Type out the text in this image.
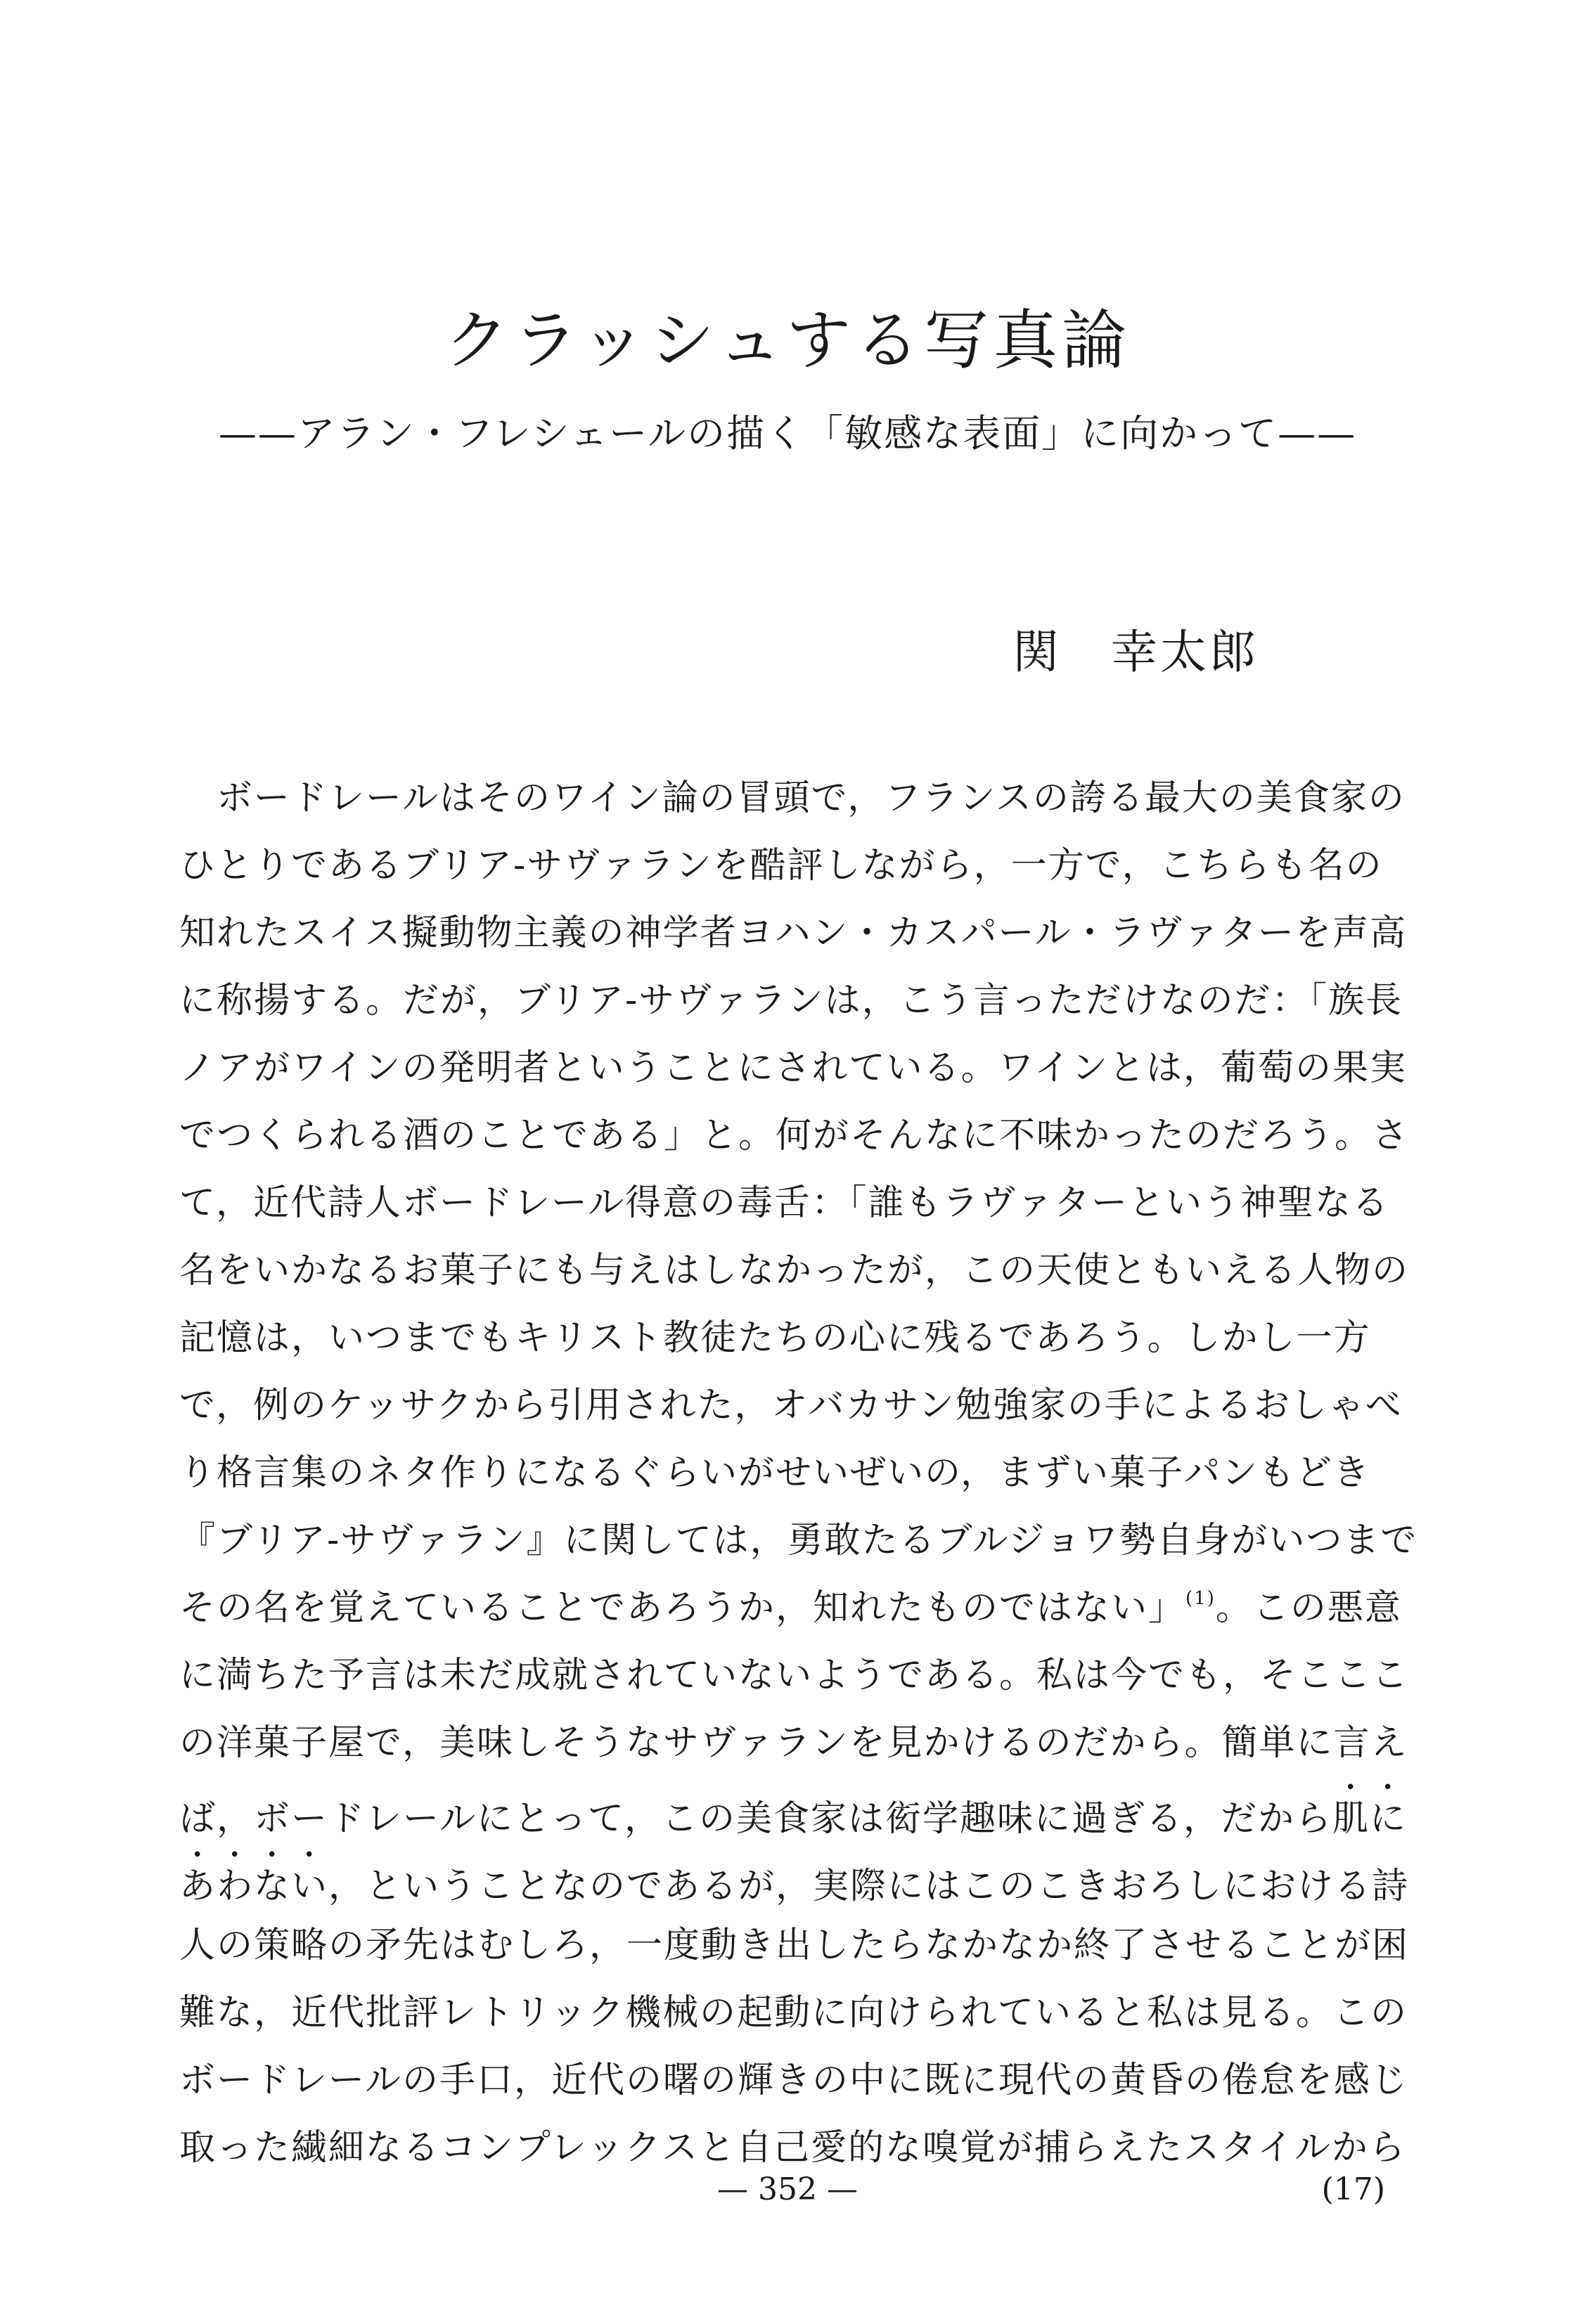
クラッシュする写真論
——アラン・フレシェールの描く「敏感な表面」に向かって——
関　幸太郎
　ボードレールはそのワイン論の冒頭で，フランスの誇る最大の美食家の
ひとりであるブリア-サヴァランを酷評しながら，一方で，こちらも名の
知れたスイス擬動物主義の神学者ヨハン・カスパール・ラヴァターを声高
に称揚する。だが，ブリア-サヴァランは，こう言っただけなのだ：「族長
ノアがワインの発明者ということにされている。ワインとは，葡萄の果実
でつくられる酒のことである」と。何がそんなに不味かったのだろう。さ
て，近代詩人ボードレール得意の毒舌：「誰もラヴァターという神聖なる
名をいかなるお菓子にも与えはしなかったが，この天使ともいえる人物の
記憶は，いつまでもキリスト教徒たちの心に残るであろう。しかし一方
で，例のケッサクから引用された，オバカサン勉強家の手によるおしゃべ
り格言集のネタ作りになるぐらいがせいぜいの，まずい菓子パンもどき
『ブリア-サヴァラン』に関しては，勇敢たるブルジョワ勢自身がいつまで
その名を覚えていることであろうか，知れたものではない」$^{(1)}$。この悪意
に満ちた予言は未だ成就されていないようである。私は今でも，そこここ
の洋菓子屋で，美味しそうなサヴァランを見かけるのだから。簡単に言え
ば，ボードレールにとって，この美食家は衒学趣味に過ぎる，だから肌に
あわない，ということなのであるが，実際にはこのこきおろしにおける詩
人の策略の矛先はむしろ，一度動き出したらなかなか終了させることが困
難な，近代批評レトリック機械の起動に向けられていると私は見る。この
ボードレールの手口，近代の曙の輝きの中に既に現代の黄昏の倦怠を感じ
取った繊細なるコンプレックスと自己愛的な嗅覚が捕らえたスタイルから
— 352 —	(17)
